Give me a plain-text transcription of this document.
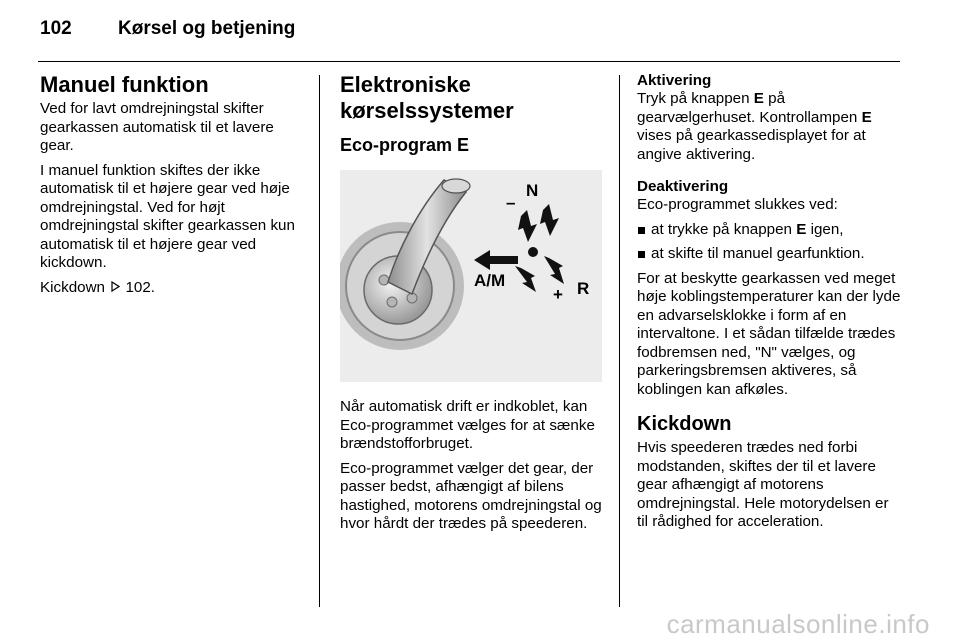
102 Kørsel og betjening
Manuel funktion

Ved for lavt omdrejningstal skifter gearkassen automatisk til et lavere gear.

I manuel funktion skiftes der ikke automatisk til et højere gear ved høje omdrejningstal. Ved for højt omdrejningstal skifter gearkassen kun automatisk til et højere gear ved kickdown.

Kickdown 102.

Elektroniske kørselssystemer
Eco-program E
N
–
A/M
+ R

Når automatisk drift er indkoblet, kan Eco-programmet vælges for at sænke brændstofforbruget.

Eco-programmet vælger det gear, der passer bedst, afhængigt af bilens hastighed, motorens omdrejningstal og hvor hårdt der trædes på speederen.

Aktivering

Tryk på knappen E på gearvælgerhuset. Kontrollampen E vises på gearkassedisplayet for at angive aktivering.

Deaktivering

Eco-programmet slukkes ved:

at trykke på knappen E igen,

at skifte til manuel gearfunktion.

For at beskytte gearkassen ved meget høje koblingstemperaturer kan der lyde en advarselsklokke i form af en intervaltone. I et sådan tilfælde trædes fodbremsen ned, "N" vælges, og parkeringsbremsen aktiveres, så koblingen kan afkøles.

Kickdown

Hvis speederen trædes ned forbi modstanden, skiftes der til et lavere gear afhængigt af motorens omdrejningstal. Hele motorydelsen er til rådighed for acceleration.

carmanualsonline.info
